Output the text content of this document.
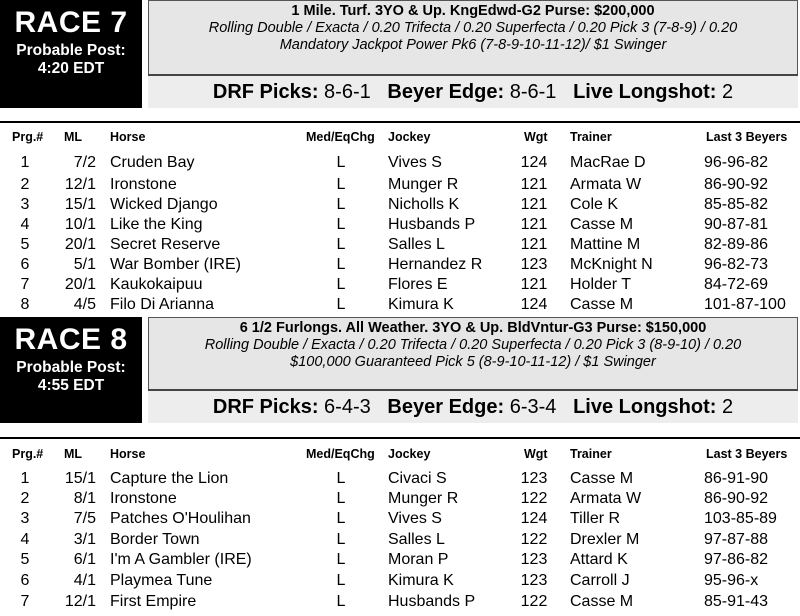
RACE 7
Probable Post:
4:20 EDT
1 Mile. Turf. 3YO & Up. KngEdwd-G2 Purse: $200,000
Rolling Double / Exacta / 0.20 Trifecta / 0.20 Superfecta / 0.20 Pick 3 (7-8-9) / 0.20
Mandatory Jackpot Power Pk6 (7-8-9-10-11-12)/ $1 Swinger
DRF Picks: 8-6-1 Beyer Edge: 8-6-1 Live Longshot: 2
Prg.#	ML	Horse	Med/EqChg Jockey	Wgt Trainer	Last 3 Beyers
1	7/2 Cruden Bay	L	Vives S	124	MacRae D	96-96-82
2	12/1 Ironstone	L	Munger R	121	Armata W	86-90-92
3	15/1 Wicked Django	L	Nicholls K	121	Cole K	85-85-82
4	10/1 Like the King	L	Husbands P	121	Casse M	90-87-81
5	20/1 Secret Reserve	L	Salles L	121	Mattine M	82-89-86
6	5/1 War Bomber (IRE)	L	Hernandez R	123	McKnight N	96-82-73
7	20/1 Kaukokaipuu	L	Flores E	121	Holder T	84-72-69
8	4/5 Filo Di Arianna	L	Kimura K	124	Casse M	101-87-100
RACE 8
Probable Post:
4:55 EDT
6 1/2 Furlongs. All Weather. 3YO & Up. BldVntur-G3 Purse: $150,000
Rolling Double / Exacta / 0.20 Trifecta / 0.20 Superfecta / 0.20 Pick 3 (8-9-10) / 0.20
$100,000 Guaranteed Pick 5 (8-9-10-11-12) / $1 Swinger
DRF Picks: 6-4-3 Beyer Edge: 6-3-4 Live Longshot: 2
Prg.#	ML	Horse	Med/EqChg Jockey	Wgt Trainer	Last 3 Beyers
1	15/1 Capture the Lion	L	Civaci S	123	Casse M	86-91-90
2	8/1 Ironstone	L	Munger R	122	Armata W	86-90-92
3	7/5 Patches O'Houlihan	L	Vives S	124	Tiller R	103-85-89
4	3/1 Border Town	L	Salles L	122	Drexler M	97-87-88
5	6/1 I'm A Gambler (IRE)	L	Moran P	123	Attard K	97-86-82
6	4/1 Playmea Tune	L	Kimura K	123	Carroll J	95-96-x
7	12/1 First Empire	L	Husbands P	122	Casse M	85-91-43
